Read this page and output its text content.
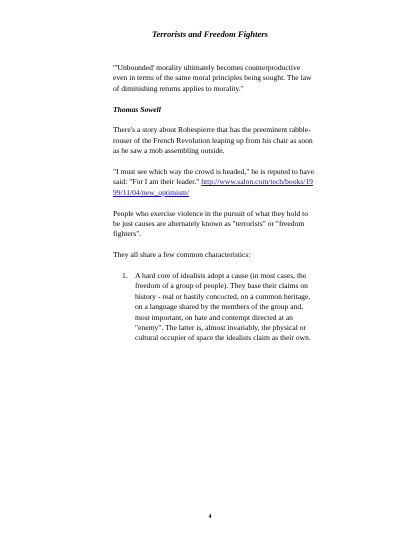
Terrorists and Freedom Fighters

"'Unbounded' morality ultimately becomes counterproductive even in terms of the same moral principles being sought. The law of diminishing returns applies to morality."

Thomas Sowell

There's a story about Robespierre that has the preeminent rabble-rouser of the French Revolution leaping up from his chair as soon as he saw a mob assembling outside.

"I must see which way the crowd is headed," he is reputed to have said: "For I am their leader." http://www.salon.com/tech/books/1999/11/04/new_optimism/

People who exercise violence in the pursuit of what they hold to be just causes are alternately known as "terrorists" or "freedom fighters".

They all share a few common characteristics:

1. A hard core of idealists adopt a cause (in most cases, the freedom of a group of people). They base their claims on history - real or hastily concocted, on a common heritage, on a language shared by the members of the group and, most important, on hate and contempt directed at an "enemy". The latter is, almost invariably, the physical or cultural occupier of space the idealists claim as their own.
4
